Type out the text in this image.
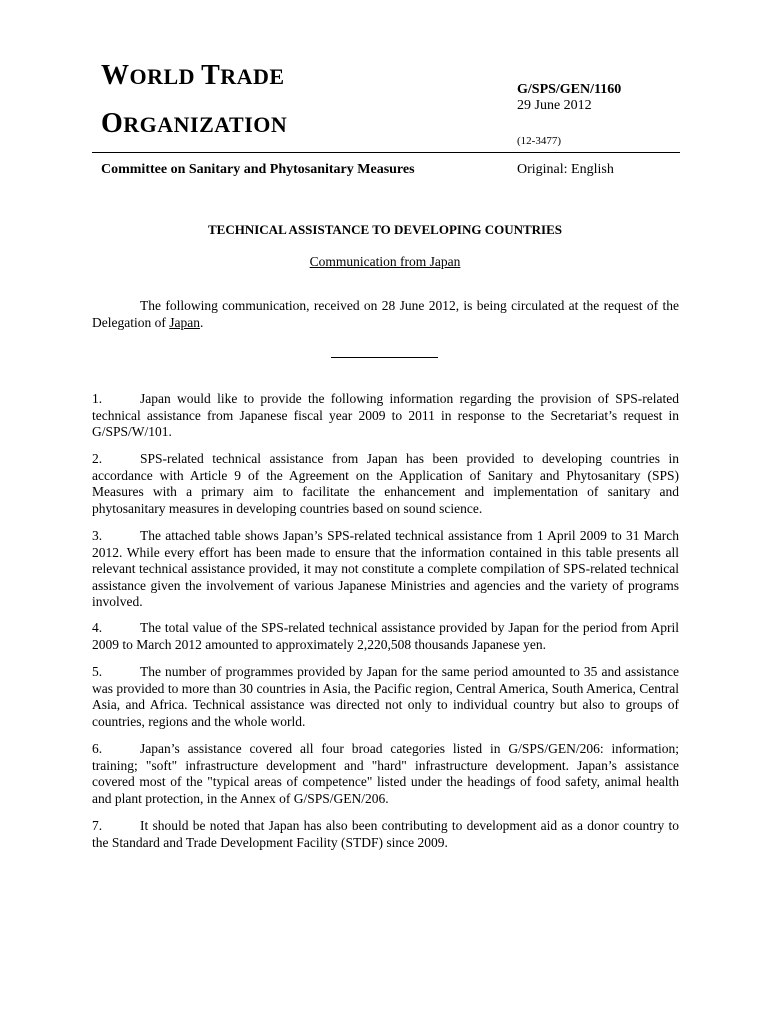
WORLD TRADE
ORGANIZATION
G/SPS/GEN/1160
29 June 2012
(12-3477)
Committee on Sanitary and Phytosanitary Measures	Original: English
TECHNICAL ASSISTANCE TO DEVELOPING COUNTRIES
Communication from Japan
The following communication, received on 28 June 2012, is being circulated at the request of the Delegation of Japan.

1.	Japan would like to provide the following information regarding the provision of SPS-related technical assistance from Japanese fiscal year 2009 to 2011 in response to the Secretariat’s request in G/SPS/W/101.

2.	SPS-related technical assistance from Japan has been provided to developing countries in accordance with Article 9 of the Agreement on the Application of Sanitary and Phytosanitary (SPS) Measures with a primary aim to facilitate the enhancement and implementation of sanitary and phytosanitary measures in developing countries based on sound science.

3.	The attached table shows Japan’s SPS-related technical assistance from 1 April 2009 to 31 March 2012. While every effort has been made to ensure that the information contained in this table presents all relevant technical assistance provided, it may not constitute a complete compilation of SPS-related technical assistance given the involvement of various Japanese Ministries and agencies and the variety of programs involved.

4.	The total value of the SPS-related technical assistance provided by Japan for the period from April 2009 to March 2012 amounted to approximately 2,220,508 thousands Japanese yen.

5.	The number of programmes provided by Japan for the same period amounted to 35 and assistance was provided to more than 30 countries in Asia, the Pacific region, Central America, South America, Central Asia, and Africa. Technical assistance was directed not only to individual country but also to groups of countries, regions and the whole world.

6.	Japan’s assistance covered all four broad categories listed in G/SPS/GEN/206: information; training; "soft" infrastructure development and "hard" infrastructure development. Japan’s assistance covered most of the "typical areas of competence" listed under the headings of food safety, animal health and plant protection, in the Annex of G/SPS/GEN/206.

7.	It should be noted that Japan has also been contributing to development aid as a donor country to the Standard and Trade Development Facility (STDF) since 2009.
